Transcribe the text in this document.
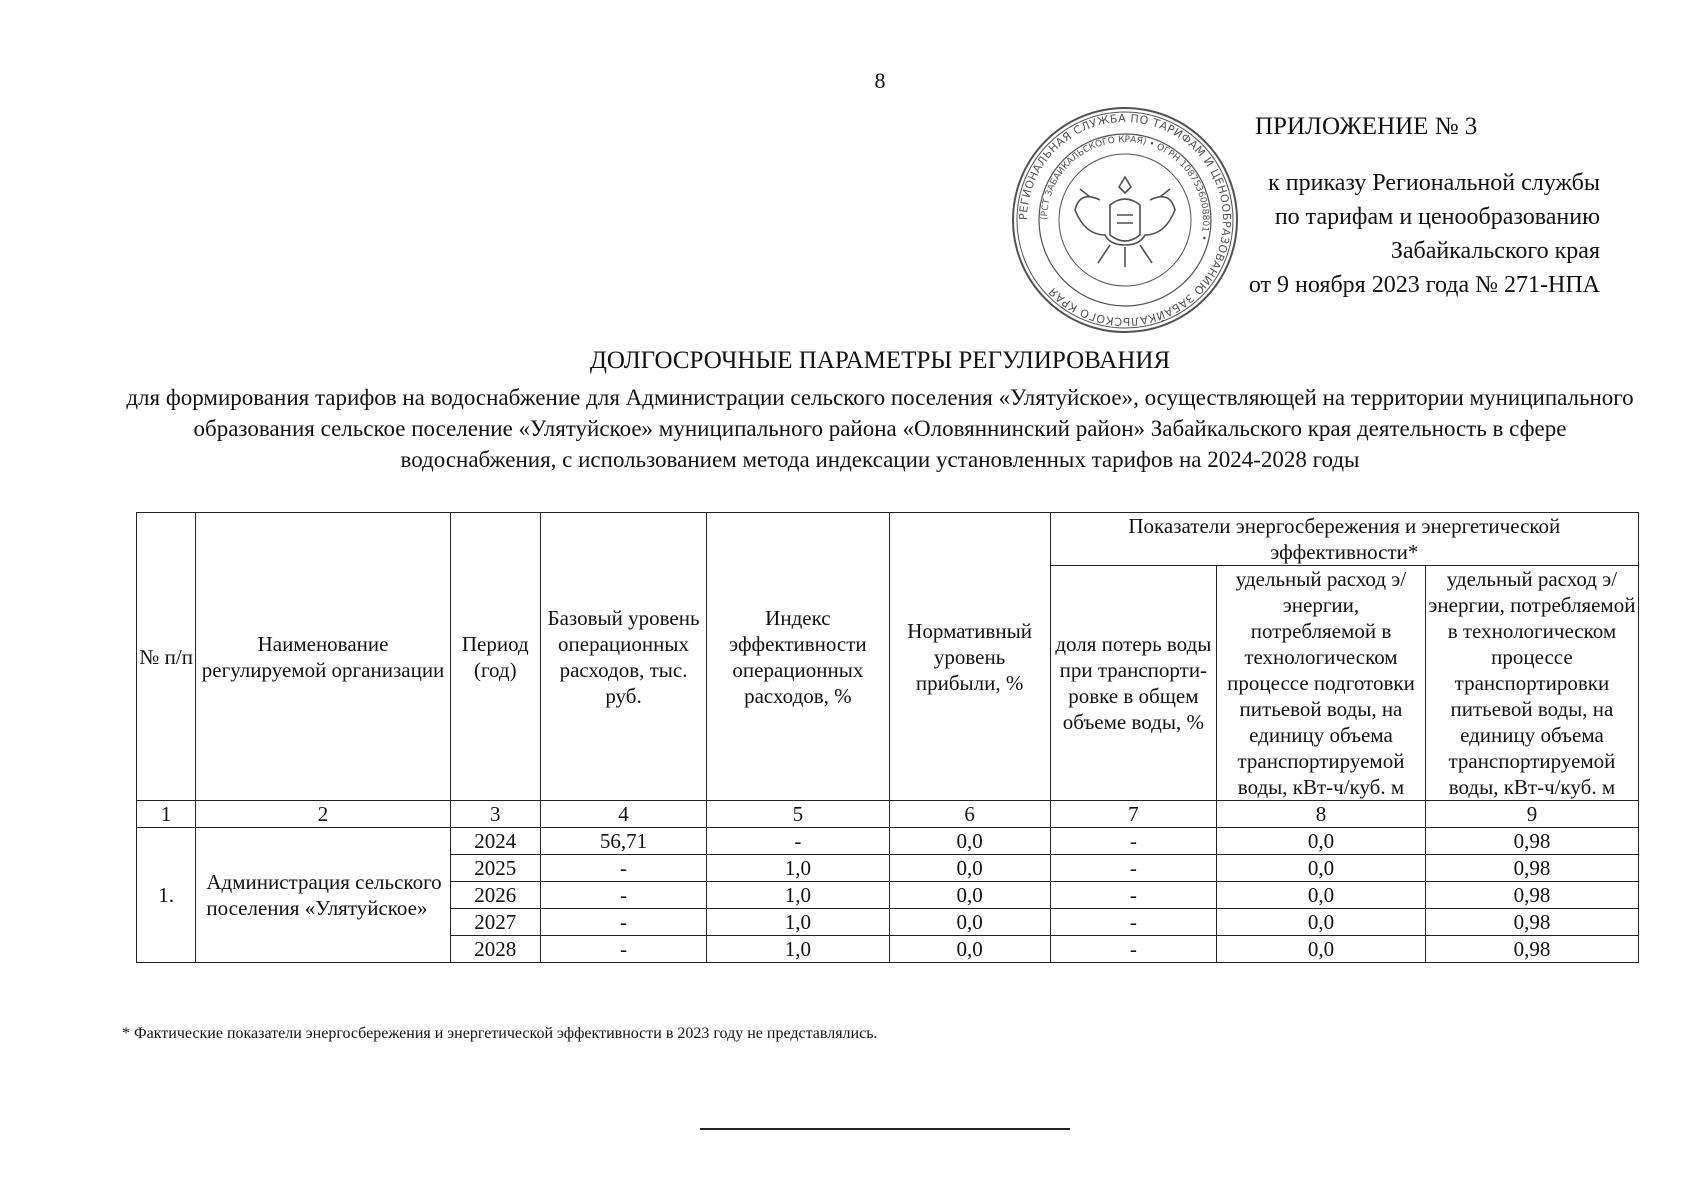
8
РЕГИОНАЛЬНАЯ СЛУЖБА ПО ТАРИФАМ И ЦЕНООБРАЗОВАНИЮ ЗАБАЙКАЛЬСКОГО КРАЯ
(РСТ ЗАБАЙКАЛЬСКОГО КРАЯ) • ОГРН 1087536008801 •
ПРИЛОЖЕНИЕ № 3
к приказу Региональной службы
по тарифам и ценообразованию
Забайкальского края
от 9 ноября 2023 года № 271-НПА
ДОЛГОСРОЧНЫЕ ПАРАМЕТРЫ РЕГУЛИРОВАНИЯ
для формирования тарифов на водоснабжение для Администрации сельского поселения «Улятуйское», осуществляющей на территории муниципального образования сельское поселение «Улятуйское» муниципального района «Оловяннинский район» Забайкальского края деятельность в сфере водоснабжения, с использованием метода индексации установленных тарифов на 2024-2028 годы
№ п/п	Наименование регулируемой организации	Период (год)	Базовый уровень операционных расходов, тыс. руб.	Индекс эффективности операционных расходов, %	Нормативный уровень прибыли, %	Показатели энергосбережения и энергетической эффективности*		
						доля потерь воды при транспорти-ровке в общем объеме воды, %	удельный расход э/энергии, потребляемой в технологическом процессе подготовки питьевой воды, на единицу объема транспортируемой воды, кВт-ч/куб. м	удельный расход э/энергии, потребляемой в технологическом процессе транспортировки питьевой воды, на единицу объема транспортируемой воды, кВт-ч/куб. м
1	2	3	4	5	6	7	8	9
1.	Администрация сельского поселения «Улятуйское»	2024	56,71	-	0,0	-	0,0	0,98
		2025	-	1,0	0,0	-	0,0	0,98
		2026	-	1,0	0,0	-	0,0	0,98
		2027	-	1,0	0,0	-	0,0	0,98
		2028	-	1,0	0,0	-	0,0	0,98
* Фактические показатели энергосбережения и энергетической эффективности в 2023 году не представлялись.
